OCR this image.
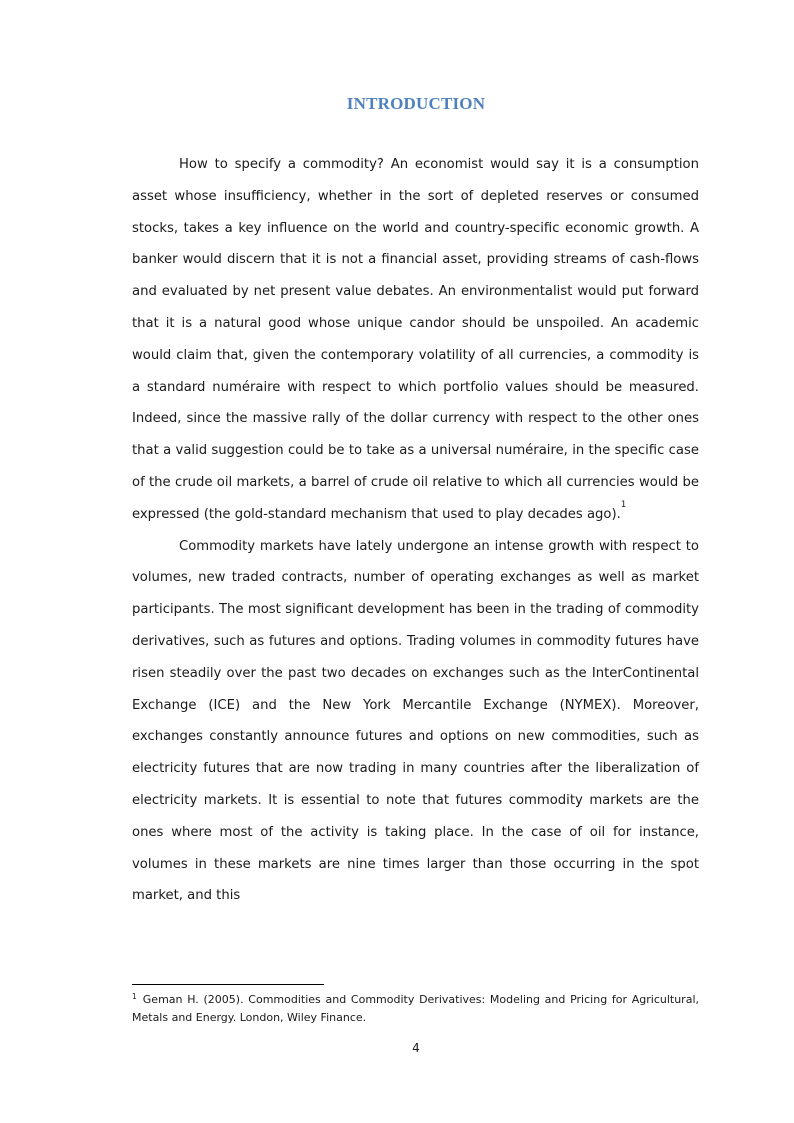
INTRODUCTION

How to specify a commodity? An economist would say it is a consumption asset whose insufficiency, whether in the sort of depleted reserves or consumed stocks, takes a key influence on the world and country-specific economic growth. A banker would discern that it is not a financial asset, providing streams of cash-flows and evaluated by net present value debates. An environmentalist would put forward that it is a natural good whose unique candor should be unspoiled. An academic would claim that, given the contemporary volatility of all currencies, a commodity is a standard numéraire with respect to which portfolio values should be measured. Indeed, since the massive rally of the dollar currency with respect to the other ones that a valid suggestion could be to take as a universal numéraire, in the specific case of the crude oil markets, a barrel of crude oil relative to which all currencies would be expressed (the gold-standard mechanism that used to play decades ago).$^1$

Commodity markets have lately undergone an intense growth with respect to volumes, new traded contracts, number of operating exchanges as well as market participants. The most significant development has been in the trading of commodity derivatives, such as futures and options. Trading volumes in commodity futures have risen steadily over the past two decades on exchanges such as the InterContinental Exchange (ICE) and the New York Mercantile Exchange (NYMEX). Moreover, exchanges constantly announce futures and options on new commodities, such as electricity futures that are now trading in many countries after the liberalization of electricity markets. It is essential to note that futures commodity markets are the ones where most of the activity is taking place. In the case of oil for instance, volumes in these markets are nine times larger than those occurring in the spot market, and this

$^1$ Geman H. (2005). Commodities and Commodity Derivatives: Modeling and Pricing for Agricultural, Metals and Energy. London, Wiley Finance.
4
